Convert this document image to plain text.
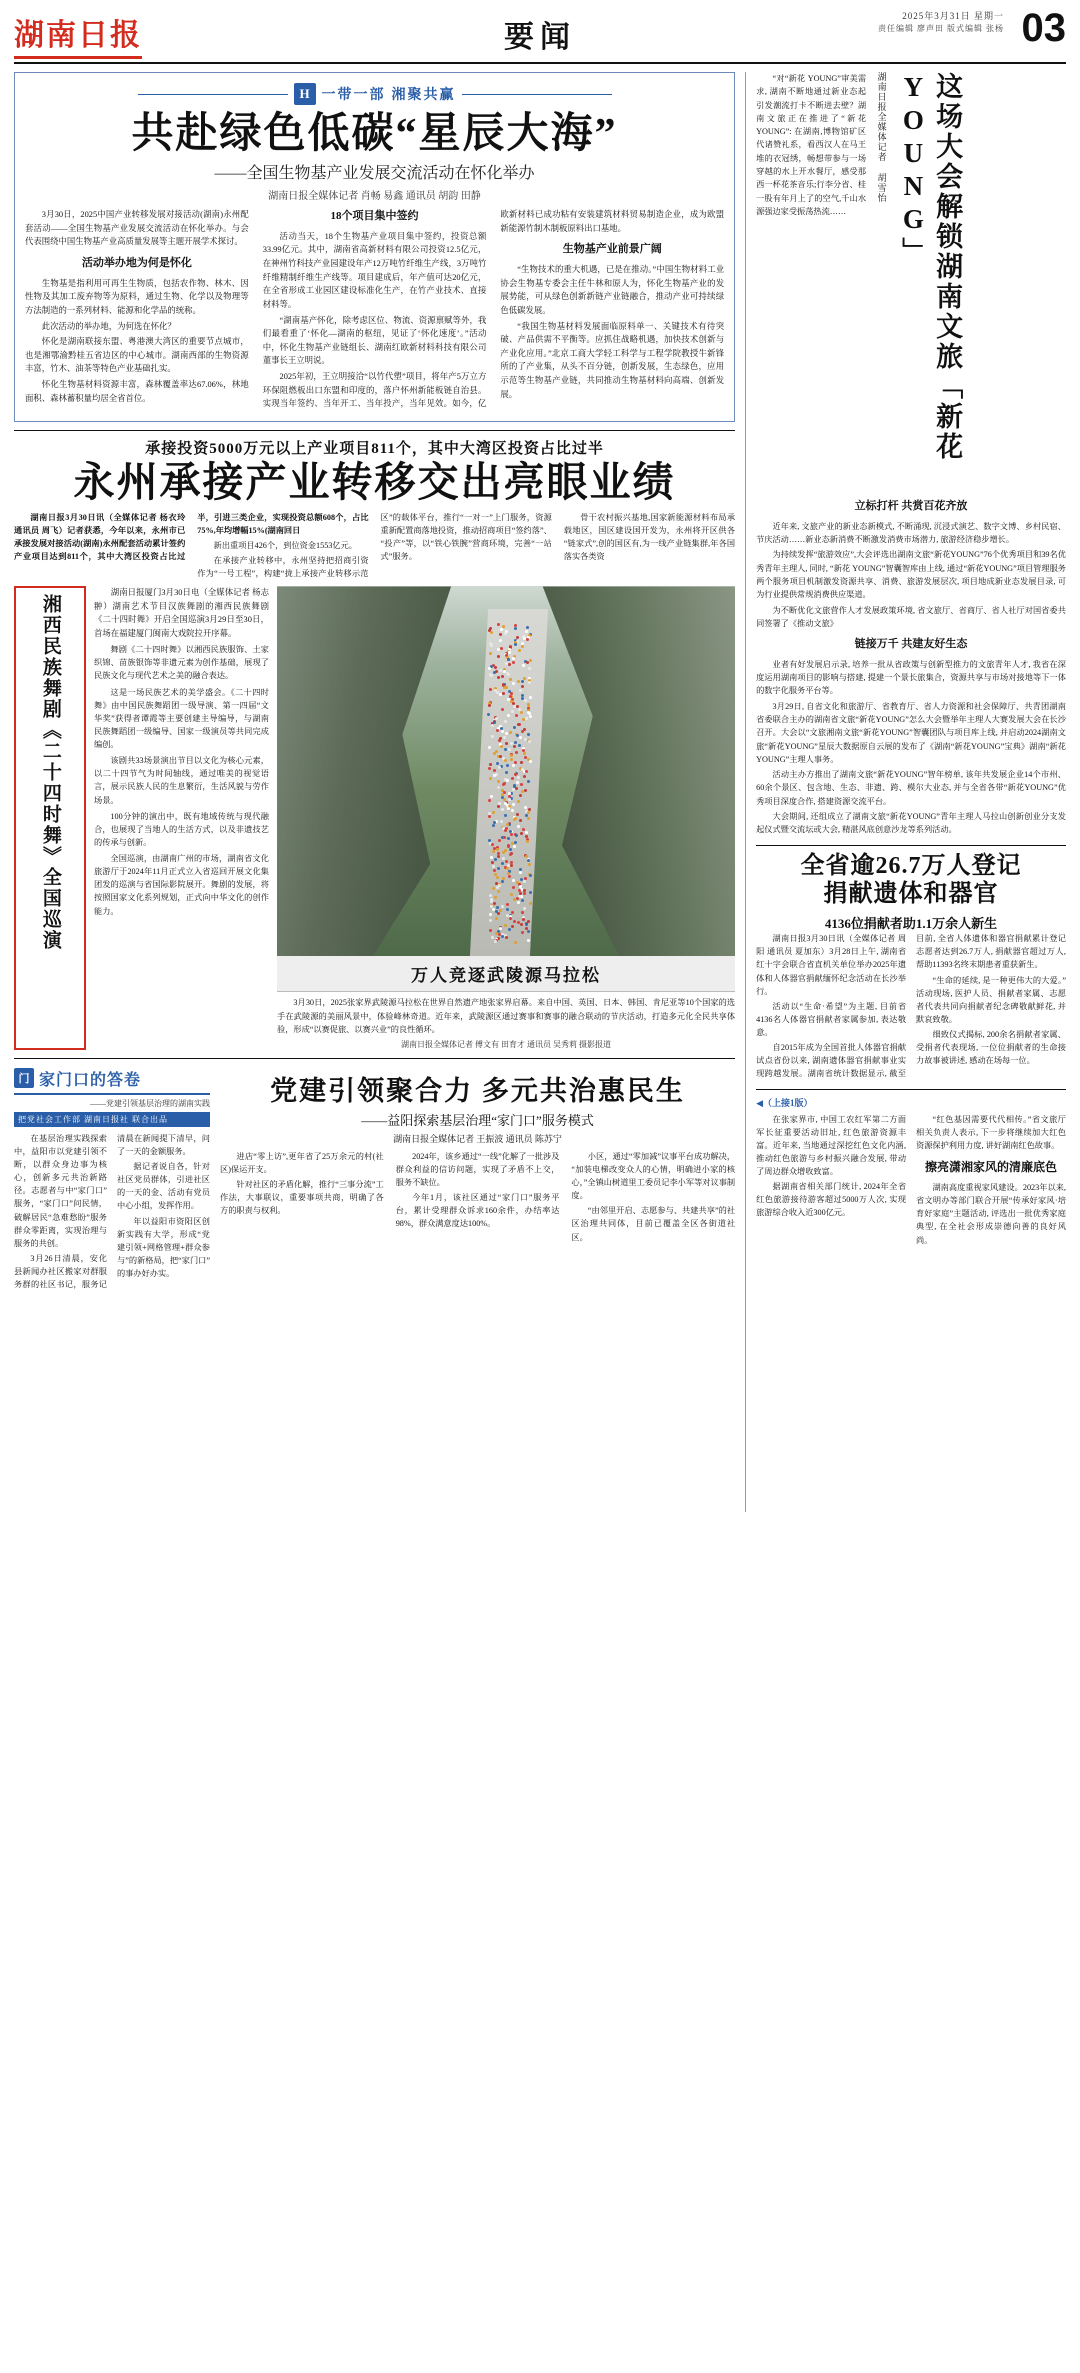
湖南日报	要闻
2025年3月31日 星期一
责任编辑 廖声田 版式编辑 张杨 03
H 一带一部 湘聚共赢
共赴绿色低碳“星辰大海”
——全国生物基产业发展交流活动在怀化举办
湖南日报全媒体记者 肖畅 易鑫 通讯员 胡韵 田静

3月30日，2025中国产业转移发展对接活动(湖南)永州配套活动——全国生物基产业发展交流活动在怀化举办。与会代表围绕中国生物基产业高质量发展等主题开展学术探讨。

活动举办地为何是怀化

生物基是指利用可再生生物质，包括农作物、林木、因性物及其加工废弃物等为原料，通过生物、化学以及物理等方法制造的一系列材料、能源和化学品的统称。

此次活动的举办地，为何选在怀化？

怀化是湖南联接东盟、粤港澳大湾区的重要节点城市，也是湘鄂渝黔桂五省边区的中心城市。湖南西部的生物资源丰富，竹木、油茶等特色产业基础扎实。

怀化生物基材料资源丰富，森林覆盖率达67.06%，林地面积、森林蓄积量均居全省首位。

18个项目集中签约

活动当天，18个生物基产业项目集中签约，投资总额33.99亿元。其中，湖南省高新材料有限公司投资12.5亿元，在神州竹科技产业园建设年产12万吨竹纤维生产线，3万吨竹纤维精制纤维生产线等。项目建成后，年产值可达20亿元，在全省形成工业园区建设标准化生产，在竹产业技术、直接材料等。

“湖南基产怀化，除考虑区位、物流、资源禀赋等外，我们最看重了‘怀化—湖南的枢纽，见证了‘怀化速度’。”活动中，怀化生物基产业链组长、湖南红欧新材料科技有限公司董事长王立明说。

2025年初，王立明接洽“以竹代塑”项目，将年产5万立方环保阻燃板出口东盟和印度的，落户怀州新能板链自治县。实现当年签约、当年开工、当年投产，当年见效。如今，亿欧新材料已成功粘有安装建筑材料贸易制造企业，成为欧盟新能源竹制木制板原料出口基地。

生物基产业前景广阔

“生物技术的重大机遇，已是在推动。”中国生物材料工业协会生物基专委会主任牛林和原人为，怀化生物基产业的发展势能，可从绿色创新新链产业链融合，推动产业可持续绿色低碳发展。

“我国生物基材料发展面临原料单一、关键技术有待突破、产品供需不平衡等。应抓住战略机遇，加快技术创新与产业化应用。”北京工商大学轻工科学与工程学院教授牛新锋所的了产业集，从头不百分链，创新发展，生态绿色，应用示范等生物基产业链，共同推动生物基材料向高端、创新发展。

承接投资5000万元以上产业项目811个，其中大湾区投资占比过半
永州承接产业转移交出亮眼业绩

湖南日报3月30日讯（全媒体记者 杨衣玲 通讯员 周飞）记者获悉，今年以来，永州市已承接发展对接活动(湖南)永州配套活动累计签约产业项目达到811个，其中大湾区投资占比过半，引进三类企业，实现投资总额608个，占比75%,年均增幅15%(湖南回日

新出重项目426个，到位资金1553亿元。

在承接产业转移中，永州坚持把招商引资作为“一号工程”，构建“拢上承接产业转移示范区”的载体平台，推行“一对一”上门服务，资源重新配置商落地投资，推动招商项目“签约落”、“投产”等，以“铁心铁腕”营商环境，完善“一站式”服务。

骨干农村振兴基地,国家新能源材料布局承载地区，国区建设国开发为，永州将开区供各“链家式”,创的国区有,为一线产业链集群,年各国落实各类资

湘西民族舞剧《二十四时舞》全国巡演

湖南日报厦门3月30日电（全媒体记者 杨志翀）湖南艺术节目汉族舞剧的湘西民族舞剧《二十四时舞》开启全国巡演3月29日至30日，首场在福建厦门闽南大戏院拉开序幕。

舞剧《二十四时舞》以湘西民族服饰、土家织锦、苗族银饰等非遗元素为创作基础，展现了民族文化与现代艺术之美的融合表达。

这是一场民族艺术的美学盛会。《二十四时舞》由中国民族舞蹈团一级导演、第一四届“文华奖”获得者谭霞等主要创建主导编导，与湖南民族舞蹈团一级编导、国家一级演员等共同完成编创。

该剧共33场景演出节目以文化为核心元素，以二十四节气为时间轴线，通过唯美的视觉语言，展示民族人民的生息繁衍，生活风貌与劳作场景。

100分钟的演出中，既有地域传统与现代融合，也展现了当地人的生活方式，以及非遗技艺的传承与创新。

全国巡演，由湖南广州的市场，湖南省文化旅游厅于2024年11月正式立入省巡回开展文化集团发的巡演与省国际影院展开。舞剧的发展，将按照国家文化系列规划，正式向中华文化的创作能力。

万人竞逐武陵源马拉松
3月30日，2025张家界武陵源马拉松在世界自然遗产地张家界启幕。来自中国、英国、日本、韩国、肯尼亚等10个国家的选手在武陵源的美丽风景中，体验峰林奇道。近年来，武陵源区通过赛事和赛事的融合联动的节庆活动，打造多元化全民共享体验，形成“以赛促旅、以赛兴业”的良性循环。
湖南日报全媒体记者 傅文有 田育才 通讯员 吴秀莉 摄影报道
门 家门口的答卷
——党建引领基层治理的湖南实践
把党社会工作部 湖南日报社 联合出品

在基层治理实践探索中，益阳市以党建引领不断，以群众身边事为核心，创新多元共治新路径。志愿者与中“家门口”服务，“家门口”问民情，破解居民“急难愁盼”服务群众零距离，实现治理与服务的共创。

3月26日清晨，安化县新闻办社区搬家对群服务群的社区书记，服务记清晨在新闻提下清早，问了一天的金额服务。

据记者说自各，针对社区党员群体，引进社区的一天的金、活动有党员中心小组，发挥作用。

年以益阳市资阳区创新实践有大学，形成“党建引领+网格管理+群众参与”的新格局，把“家门口”的事办好办实。

党建引领聚合力 多元共治惠民生
——益阳探索基层治理“家门口”服务模式
湖南日报全媒体记者 王振波 通讯员 陈苏宁

进店“零上访”,更年省了25万余元的村(社区)保运开支。

针对社区的矛盾化解，推行“三事分流”工作法，大事联议，重要事项共商，明确了各方的职责与权利。

2024年，该乡通过“一线”化解了一批涉及群众利益的信访问题，实现了矛盾不上交，服务不缺位。

今年1月，该社区通过“家门口”服务平台，累计受理群众诉求160余件，办结率达98%，群众满意度达100%。

小区，通过“零加减”议事平台成功解决，“加装电梯改变众人的心情，明确进小家的核心，”全镇山树道里工委员记李小军等对议事制度。

“由邻里开启、志愿参与、共建共享”的社区治理共同体，目前已覆盖全区各街道社区。

“对“新花 YOUNG”审美需求, 湖南不断地通过新业态起引发潮流打卡不断进去壁？湖南文旅正在推进了“新花 YOUNG”: 在湖南,博物馆矿区代诸赞礼系，看西汉人在马王堆的衣冠绣，畅想带参与一场穿越的水上开水餐厅，感受那西一杯花茶音乐;行李分省、桂一股有年月上了的空气,千山水源强边家受振荡热流……

湖南日报全媒体记者 胡雪怡	这场大会解锁湖南文旅「新花YOUNG」
立标打杆 共赏百花齐放

近年来, 文旅产业的新业态新模式, 不断涌现, 沉浸式演艺、数字文博、乡村民宿、节庆活动……新业态新消费不断激发消费市场潜力, 旅游经济稳步增长。

为持续发挥“旅游效应”,大会评选出湖南文旅“新花YOUNG”76个优秀项目和39名优秀青年主理人, 同时, “新花 YOUNG”智囊智库由上线, 通过“新花YOUNG”项目管理服务两个服务项目机制激发资源共享、消费、旅游发展层次, 项目地成新业态发展目录, 可为行业提供常规消费供应渠道。

为不断优化文旅营作人才发展政策环境, 省文旅厅、省商厅、省人社厅对国省委共同签署了《推动文旅》

链接万千 共建友好生态

业者有好发展启示录, 培养一批从省政策与创新型推力的文旅青年人才, 我省在深度运用湖南项目的影响与搭建, 提建一个景长旅集合，资源共享与市场对接地等下一体的数字化服务平台等。

3月29日, 自省文化和旅游厅、省教育厅、省人力资源和社会保障厅、共青团湖南省委联合主办的湖南省文旅“新花YOUNG”怎么大会暨举年主理人大赛发展大会在长沙召开。大会以“文旅湘南文旅“新花YOUNG”智囊团队与项目库上线, 并启动2024湖南文旅“新花YOUNG”星辰大数据原自云展的发布了《湖南“新花YOUNG”宝典》湖南“新花YOUNG”主理人事务。

活动主办方推出了湖南文旅“新花YOUNG”智年榜单, 该年共发展企业14个市州、60余个景区、包含地、生态、非遗、跨、模尔大业态, 并与全省各带“新花YOUNG”优秀项目深度合作, 搭建资源交流平台。

大会期间, 还组成立了湖南文旅“新花YOUNG”青年主理人马拉山创新创业分支发起仪式暨交流坛或大会, 精湛风底创意沙龙等系列活动。

全省逾26.7万人登记
捐献遗体和器官
4136位捐献者助1.1万余人新生

湖南日报3月30日讯（全媒体记者 周阳 通讯员 夏加东）3月28日上午, 湖南省红十字会联合省直机关单位举办2025年遗体和人体器官捐献缅怀纪念活动在长沙举行。

活动以“生命·希望”为主题, 目前省4136名人体器官捐献者家属参加, 表达敬意。

自2015年成为全国首批人体器官捐献试点省份以来, 湖南遗体器官捐献事业实现跨越发展。湖南省统计数据显示, 截至目前, 全省人体遗体和器官捐献累计登记志愿者达到26.7万人, 捐献器官超过万人, 帮助11393名终末期患者重获新生。

“生命的延续, 是一种更伟大的大爱。”活动现场, 医护人员、捐献者家属、志愿者代表共同向捐献者纪念碑敬献鲜花, 并默哀致敬。

细致仪式揭标, 200余名捐献者家属、受捐者代表现场, 一位位捐献者的生命接力故事被讲述, 感动在场每一位。

◀（上接1版）

在张家界市, 中国工农红军第二方面军长征重要活动旧址, 红色旅游资源丰富。近年来, 当地通过深挖红色文化内涵, 推动红色旅游与乡村振兴融合发展, 带动了周边群众增收致富。

据湖南省相关部门统计, 2024年全省红色旅游接待游客超过5000万人次, 实现旅游综合收入近300亿元。

“红色基因需要代代相传。”省文旅厅相关负责人表示, 下一步将继续加大红色资源保护利用力度, 讲好湖南红色故事。

擦亮潇湘家风的清廉底色

湖南高度重视家风建设。2023年以来, 省文明办等部门联合开展“传承好家风·培育好家庭”主题活动, 评选出一批优秀家庭典型, 在全社会形成崇德向善的良好风尚。
